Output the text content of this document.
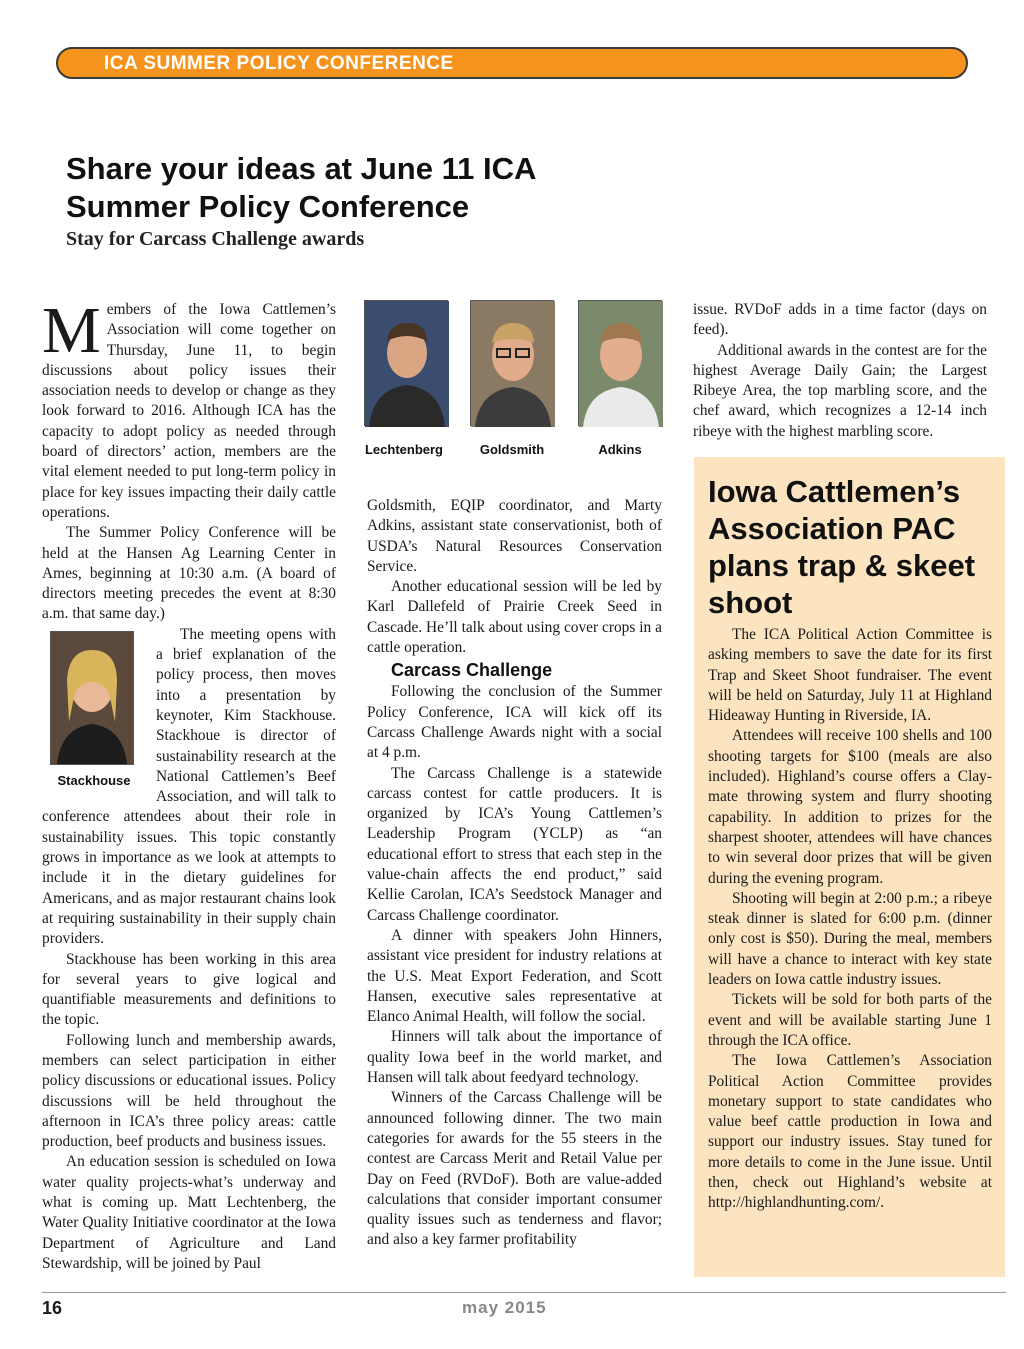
ICA SUMMER POLICY CONFERENCE
Share your ideas at June 11 ICA
Summer Policy Conference
Stay for Carcass Challenge awards

Members of the Iowa Cattlemen’s Association will come together on Thursday, June 11, to begin discussions about policy issues their association needs to develop or change as they look forward to 2016. Although ICA has the capacity to adopt policy as needed through board of directors’ action, members are the vital element needed to put long-term policy in place for key issues impacting their daily cattle operations.

The Summer Policy Conference will be held at the Hansen Ag Learning Center in Ames, beginning at 10:30 a.m. (A board of directors meeting precedes the event at 8:30 a.m. that same day.)

Stackhouse
The meeting opens with a brief explanation of the policy process, then moves into a presentation by keynoter, Kim Stackhouse. Stackhoue is director of sustainability research at the National Cattlemen’s Beef Association, and will talk to conference attendees about their role in sustainability issues. This topic constantly grows in importance as we look at attempts to include it in the dietary guidelines for Americans, and as major restaurant chains look at requiring sustainability in their supply chain providers.

Stackhouse has been working in this area for several years to give logical and quantifiable measurements and definitions to the topic.

Following lunch and membership awards, members can select participation in either policy discussions or educational issues. Policy discussions will be held throughout the afternoon in ICA’s three policy areas: cattle production, beef products and business issues.

An education session is scheduled on Iowa water quality projects-what’s underway and what is coming up. Matt Lechtenberg, the Water Quality Initiative coordinator at the Iowa Department of Agriculture and Land Stewardship, will be joined by Paul

Lechtenberg	Goldsmith	Adkins

Goldsmith, EQIP coordinator, and Marty Adkins, assistant state conservationist, both of USDA’s Natural Resources Conservation Service.

Another educational session will be led by Karl Dallefeld of Prairie Creek Seed in Cascade. He’ll talk about using cover crops in a cattle operation.

Carcass Challenge

Following the conclusion of the Summer Policy Conference, ICA will kick off its Carcass Challenge Awards night with a social at 4 p.m.

The Carcass Challenge is a statewide carcass contest for cattle producers. It is organized by ICA’s Young Cattlemen’s Leadership Program (YCLP) as “an educational effort to stress that each step in the value-chain affects the end product,” said Kellie Carolan, ICA’s Seedstock Manager and Carcass Challenge coordinator.

A dinner with speakers John Hinners, assistant vice president for industry relations at the U.S. Meat Export Federation, and Scott Hansen, executive sales representative at Elanco Animal Health, will follow the social.

Hinners will talk about the importance of quality Iowa beef in the world market, and Hansen will talk about feedyard technology.

Winners of the Carcass Challenge will be announced following dinner. The two main categories for awards for the 55 steers in the contest are Carcass Merit and Retail Value per Day on Feed (RVDoF). Both are value-added calculations that consider important consumer quality issues such as tenderness and flavor; and also a key farmer profitability

issue. RVDoF adds in a time factor (days on feed).

Additional awards in the contest are for the highest Average Daily Gain; the Largest Ribeye Area, the top marbling score, and the chef award, which recognizes a 12-14 inch ribeye with the highest marbling score.

Iowa Cattlemen’s Association PAC plans trap & skeet shoot

The ICA Political Action Committee is asking members to save the date for its first Trap and Skeet Shoot fundraiser. The event will be held on Saturday, July 11 at Highland Hideaway Hunting in Riverside, IA.

Attendees will receive 100 shells and 100 shooting targets for $100 (meals are also included). Highland’s course offers a Clay-mate throwing system and flurry shooting capability. In addition to prizes for the sharpest shooter, attendees will have chances to win several door prizes that will be given during the evening program.

Shooting will begin at 2:00 p.m.; a ribeye steak dinner is slated for 6:00 p.m. (dinner only cost is $50). During the meal, members will have a chance to interact with key state leaders on Iowa cattle industry issues.

Tickets will be sold for both parts of the event and will be available starting June 1 through the ICA office.

The Iowa Cattlemen’s Association Political Action Committee provides monetary support to state candidates who value beef cattle production in Iowa and support our industry issues. Stay tuned for more details to come in the June issue. Until then, check out Highland’s website at http://highlandhunting.com/.

16	may 2015
